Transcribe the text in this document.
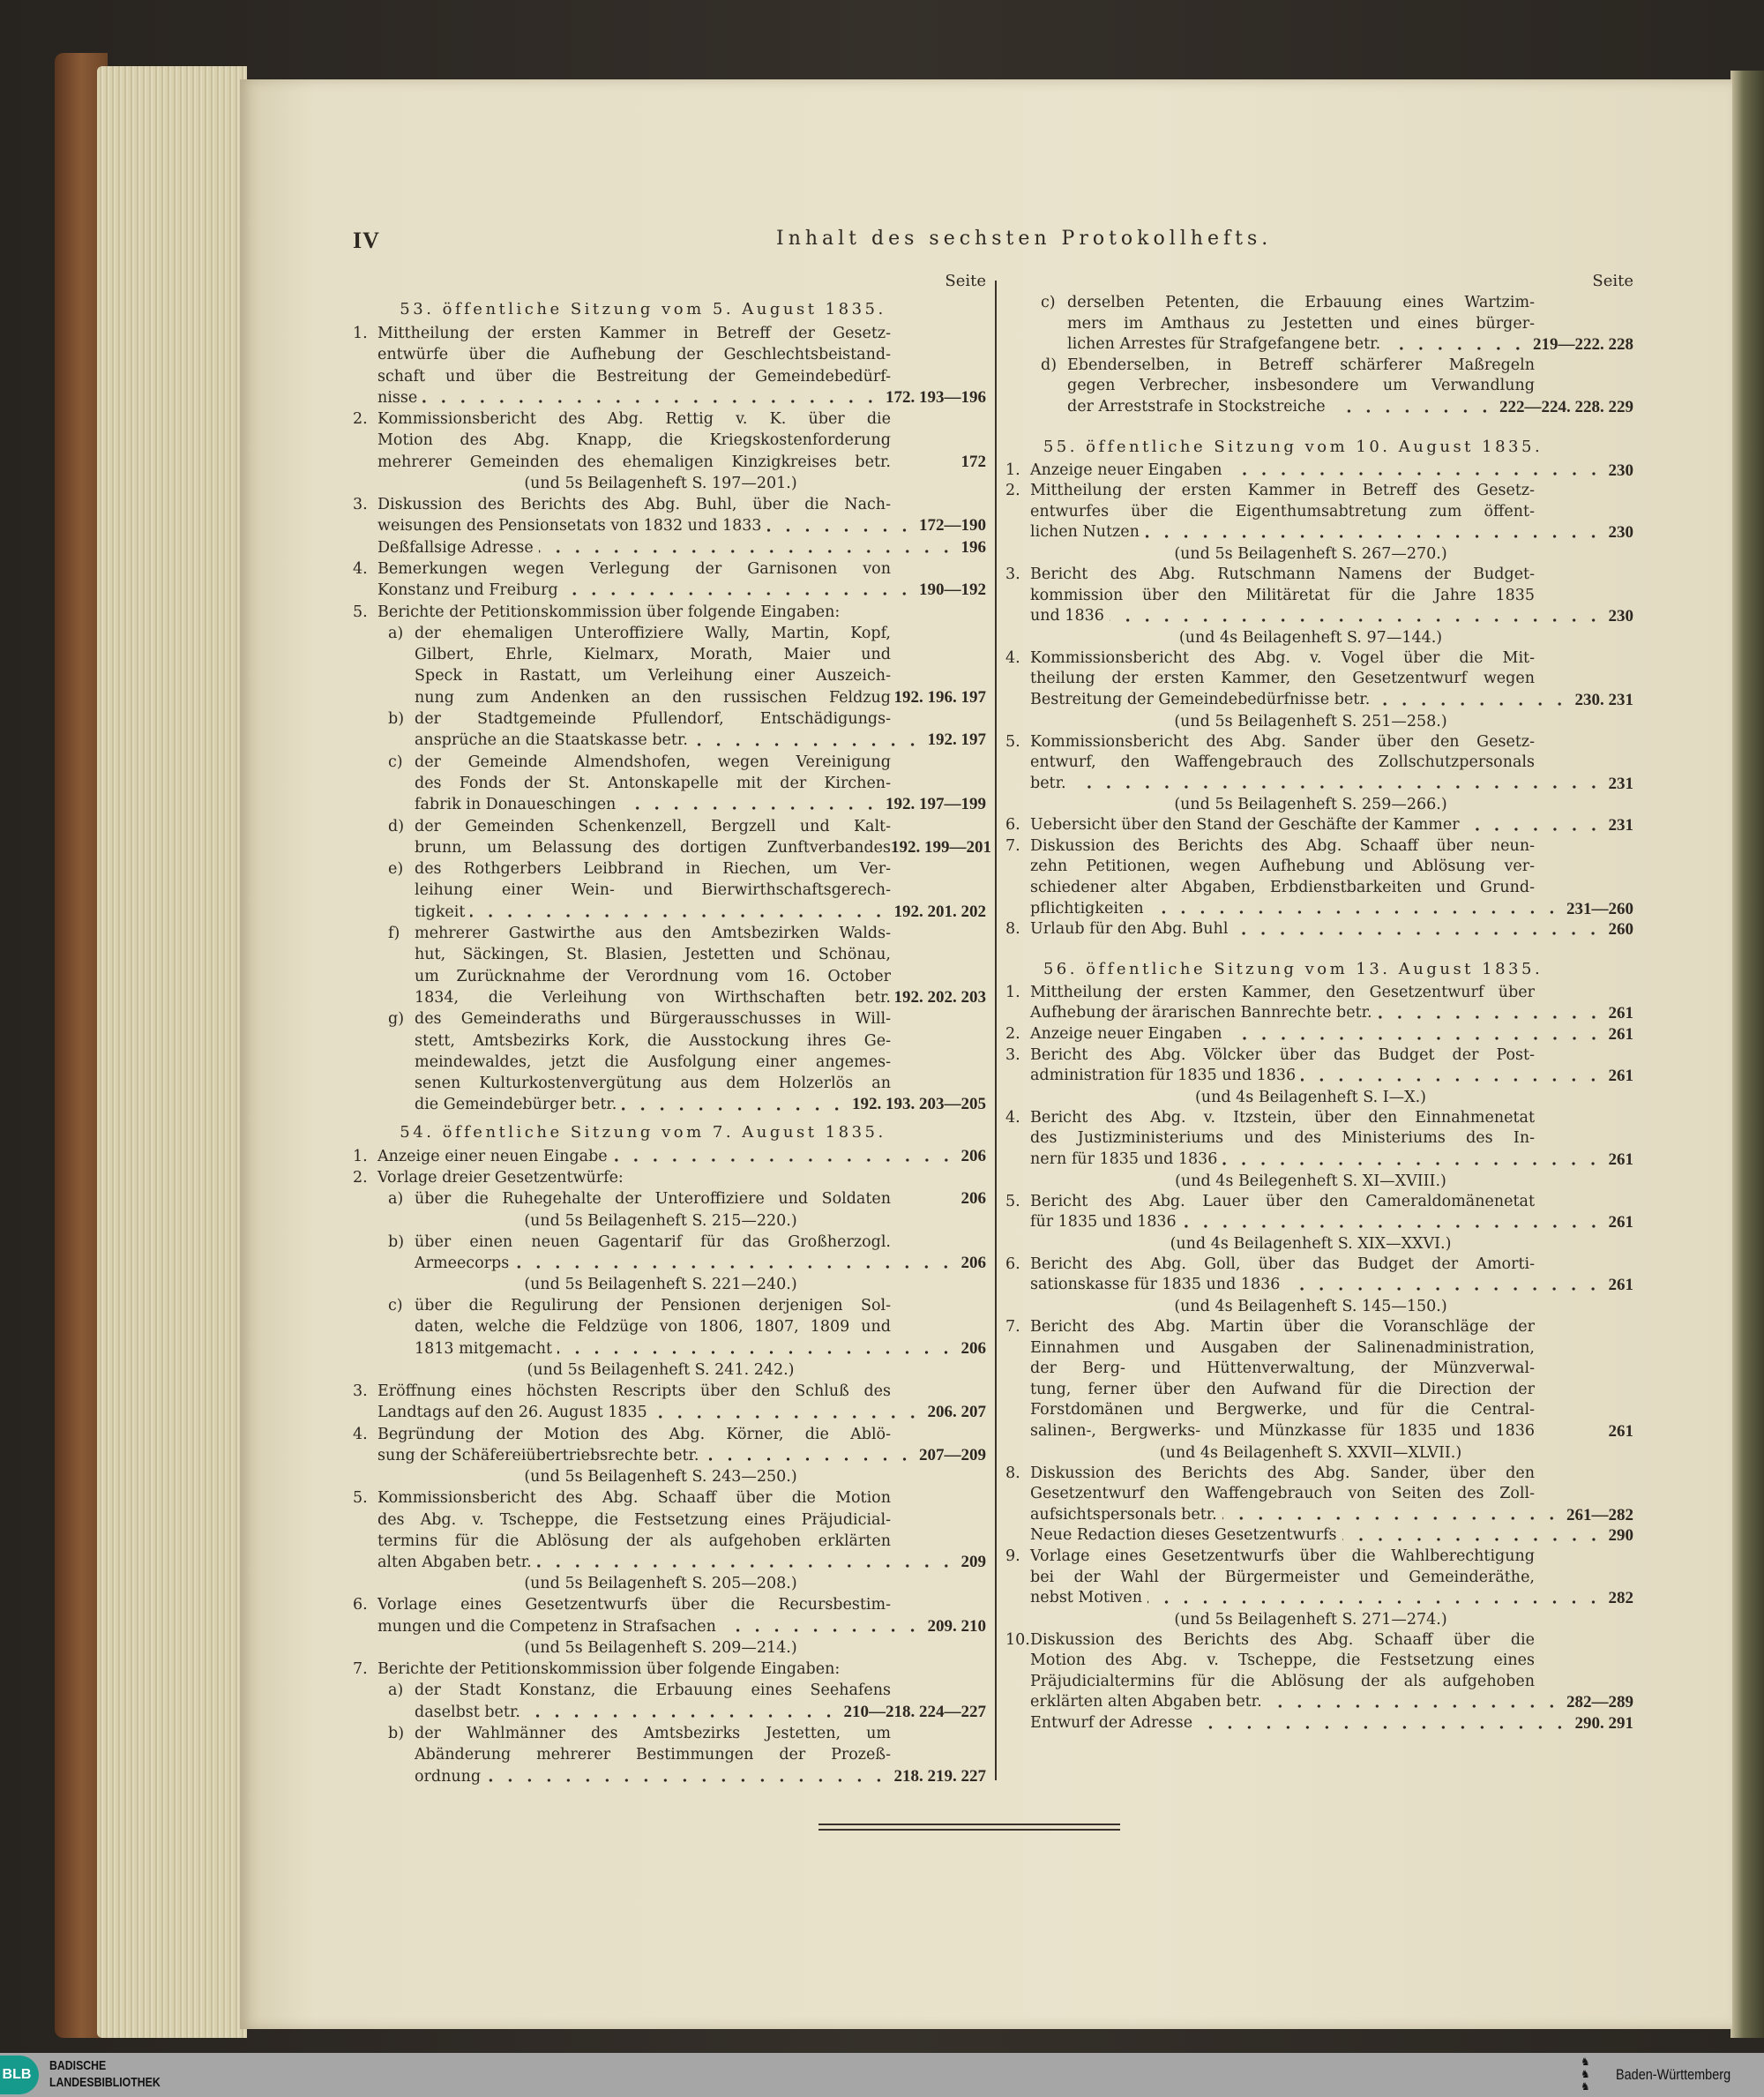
IV	Inhalt des sechsten Protokollhefts.
Seite
53. öffentliche Sitzung vom 5. August 1835.
1. Mittheilung der ersten Kammer in Betreff der Gesetz-
entwürfe über die Aufhebung der Geschlechtsbeistand-
schaft und über die Bestreitung der Gemeindebedürf-
nisse	172. 193—196
2. Kommissionsbericht des Abg. Rettig v. K. über die
Motion des Abg. Knapp, die Kriegskostenforderung
mehrerer Gemeinden des ehemaligen Kinzigkreises betr.	172
(und 5s Beilagenheft S. 197—201.)
3. Diskussion des Berichts des Abg. Buhl, über die Nach-
weisungen des Pensionsetats von 1832 und 1833	172—190
Deßfallsige Adresse	196
4. Bemerkungen wegen Verlegung der Garnisonen von
Konstanz und Freiburg	190—192
5. Berichte der Petitionskommission über folgende Eingaben:
a) der ehemaligen Unteroffiziere Wally, Martin, Kopf,
Gilbert, Ehrle, Kielmarx, Morath, Maier und
Speck in Rastatt, um Verleihung einer Auszeich-
nung zum Andenken an den russischen Feldzug 192. 196. 197
b) der Stadtgemeinde Pfullendorf, Entschädigungs-
ansprüche an die Staatskasse betr.	192. 197
c) der Gemeinde Almendshofen, wegen Vereinigung
des Fonds der St. Antonskapelle mit der Kirchen-
fabrik in Donaueschingen	192. 197—199
d) der Gemeinden Schenkenzell, Bergzell und Kalt-
brunn, um Belassung des dortigen Zunftverbandes 192. 199—201
e) des Rothgerbers Leibbrand in Riechen, um Ver-
leihung einer Wein- und Bierwirthschaftsgerech-
tigkeit	192. 201. 202
f) mehrerer Gastwirthe aus den Amtsbezirken Walds-
hut, Säckingen, St. Blasien, Jestetten und Schönau,
um Zurücknahme der Verordnung vom 16. October
1834, die Verleihung von Wirthschaften betr. 192. 202. 203
g) des Gemeinderaths und Bürgerausschusses in Will-
stett, Amtsbezirks Kork, die Ausstockung ihres Ge-
meindewaldes, jetzt die Ausfolgung einer angemes-
senen Kulturkostenvergütung aus dem Holzerlös an
die Gemeindebürger betr.	192. 193. 203—205
54. öffentliche Sitzung vom 7. August 1835.
1. Anzeige einer neuen Eingabe	206
2. Vorlage dreier Gesetzentwürfe:
a) über die Ruhegehalte der Unteroffiziere und Soldaten	206
(und 5s Beilagenheft S. 215—220.)
b) über einen neuen Gagentarif für das Großherzogl.
Armeecorps	206
(und 5s Beilagenheft S. 221—240.)
c) über die Regulirung der Pensionen derjenigen Sol-
daten, welche die Feldzüge von 1806, 1807, 1809 und
1813 mitgemacht	206
(und 5s Beilagenheft S. 241. 242.)
3. Eröffnung eines höchsten Rescripts über den Schluß des
Landtags auf den 26. August 1835	206. 207
4. Begründung der Motion des Abg. Körner, die Ablö-
sung der Schäfereiübertriebsrechte betr.	207—209
(und 5s Beilagenheft S. 243—250.)
5. Kommissionsbericht des Abg. Schaaff über die Motion
des Abg. v. Tscheppe, die Festsetzung eines Präjudicial-
termins für die Ablösung der als aufgehoben erklärten
alten Abgaben betr.	209
(und 5s Beilagenheft S. 205—208.)
6. Vorlage eines Gesetzentwurfs über die Recursbestim-
mungen und die Competenz in Strafsachen	209. 210
(und 5s Beilagenheft S. 209—214.)
7. Berichte der Petitionskommission über folgende Eingaben:
a) der Stadt Konstanz, die Erbauung eines Seehafens
daselbst betr.	210—218. 224—227
b) der Wahlmänner des Amtsbezirks Jestetten, um
Abänderung mehrerer Bestimmungen der Prozeß-
ordnung	218. 219. 227
Seite
c) derselben Petenten, die Erbauung eines Wartzim-
mers im Amthaus zu Jestetten und eines bürger-
lichen Arrestes für Strafgefangene betr.	219—222. 228
d) Ebenderselben, in Betreff schärferer Maßregeln
gegen Verbrecher, insbesondere um Verwandlung
der Arreststrafe in Stockstreiche	222—224. 228. 229
55. öffentliche Sitzung vom 10. August 1835.
1. Anzeige neuer Eingaben	230
2. Mittheilung der ersten Kammer in Betreff des Gesetz-
entwurfes über die Eigenthumsabtretung zum öffent-
lichen Nutzen	230
(und 5s Beilagenheft S. 267—270.)
3. Bericht des Abg. Rutschmann Namens der Budget-
kommission über den Militäretat für die Jahre 1835
und 1836	230
(und 4s Beilagenheft S. 97—144.)
4. Kommissionsbericht des Abg. v. Vogel über die Mit-
theilung der ersten Kammer, den Gesetzentwurf wegen
Bestreitung der Gemeindebedürfnisse betr.	230. 231
(und 5s Beilagenheft S. 251—258.)
5. Kommissionsbericht des Abg. Sander über den Gesetz-
entwurf, den Waffengebrauch des Zollschutzpersonals
betr.	231
(und 5s Beilagenheft S. 259—266.)
6. Uebersicht über den Stand der Geschäfte der Kammer	231
7. Diskussion des Berichts des Abg. Schaaff über neun-
zehn Petitionen, wegen Aufhebung und Ablösung ver-
schiedener alter Abgaben, Erbdienstbarkeiten und Grund-
pflichtigkeiten	231—260
8. Urlaub für den Abg. Buhl	260
56. öffentliche Sitzung vom 13. August 1835.
1. Mittheilung der ersten Kammer, den Gesetzentwurf über
Aufhebung der ärarischen Bannrechte betr.	261
2. Anzeige neuer Eingaben	261
3. Bericht des Abg. Völcker über das Budget der Post-
administration für 1835 und 1836	261
(und 4s Beilagenheft S. I—X.)
4. Bericht des Abg. v. Itzstein, über den Einnahmenetat
des Justizministeriums und des Ministeriums des In-
nern für 1835 und 1836	261
(und 4s Beilegenheft S. XI—XVIII.)
5. Bericht des Abg. Lauer über den Cameraldomänenetat
für 1835 und 1836	261
(und 4s Beilagenheft S. XIX—XXVI.)
6. Bericht des Abg. Goll, über das Budget der Amorti-
sationskasse für 1835 und 1836	261
(und 4s Beilagenheft S. 145—150.)
7. Bericht des Abg. Martin über die Voranschläge der
Einnahmen und Ausgaben der Salinenadministration,
der Berg- und Hüttenverwaltung, der Münzverwal-
tung, ferner über den Aufwand für die Direction der
Forstdomänen und Bergwerke, und für die Central-
salinen-, Bergwerks- und Münzkasse für 1835 und 1836	261
(und 4s Beilagenheft S. XXVII—XLVII.)
8. Diskussion des Berichts des Abg. Sander, über den
Gesetzentwurf den Waffengebrauch von Seiten des Zoll-
aufsichtspersonals betr.	261—282
Neue Redaction dieses Gesetzentwurfs	290
9. Vorlage eines Gesetzentwurfs über die Wahlberechtigung
bei der Wahl der Bürgermeister und Gemeinderäthe,
nebst Motiven	282
(und 5s Beilagenheft S. 271—274.)
10. Diskussion des Berichts des Abg. Schaaff über die
Motion des Abg. v. Tscheppe, die Festsetzung eines
Präjudicialtermins für die Ablösung der als aufgehoben
erklärten alten Abgaben betr.	282—289
Entwurf der Adresse	290. 291
BLB
BADISCHE
LANDESBIBLIOTHEK
♞
♞
♞
Baden-Württemberg
